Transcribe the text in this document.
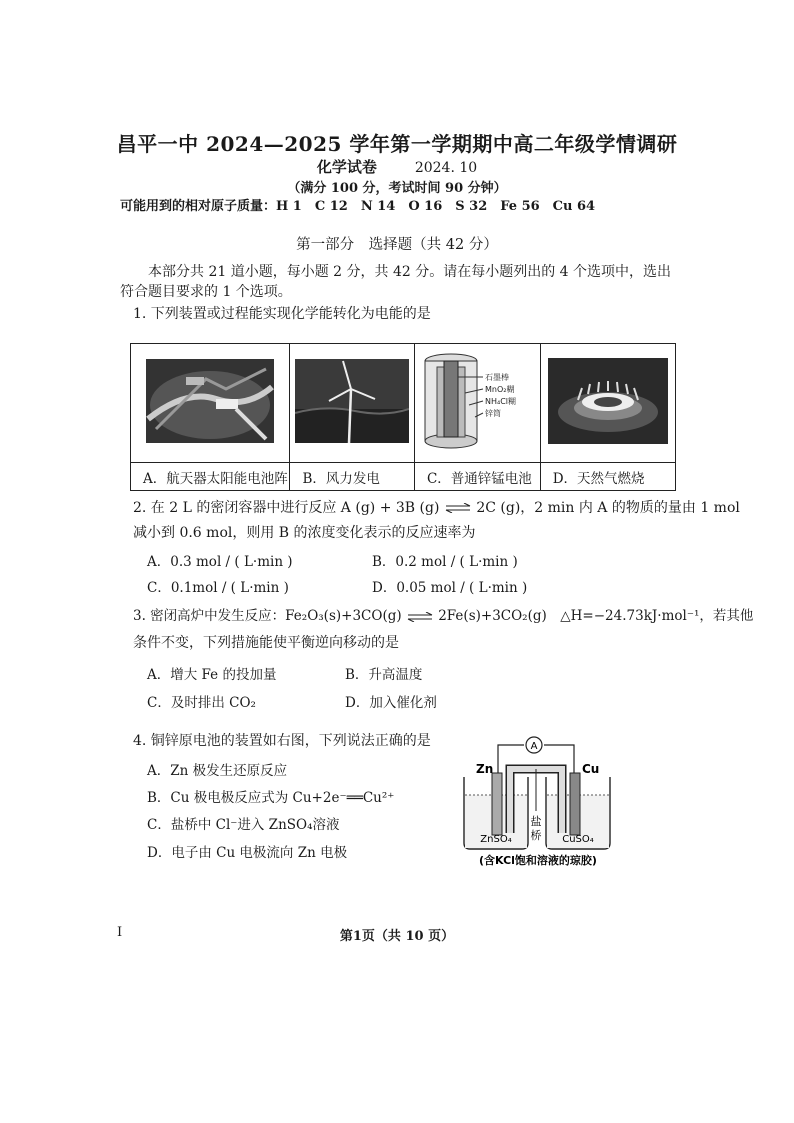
昌平一中 2024—2025 学年第一学期期中高二年级学情调研
化学试卷	2024. 10
（满分 100 分，考试时间 90 分钟）
可能用到的相对原子质量：H 1　C 12　N 14　O 16　S 32　Fe 56　Cu 64
第一部分　选择题（共 42 分）
本部分共 21 道小题，每小题 2 分，共 42 分。请在每小题列出的 4 个选项中，选出符合题目要求的 1 个选项。
1. 下列装置或过程能实现化学能转化为电能的是

石墨棒
MnO₂糊
NH₄Cl糊
锌筒

A．航天器太阳能电池阵	B．风力发电	C．普通锌锰电池	D．天然气燃烧
2. 在 2 L 的密闭容器中进行反应 A (g) + 3B (g) ⇌ 2C (g)，2 min 内 A 的物质的量由 1 mol
减小到 0.6 mol，则用 B 的浓度变化表示的反应速率为
A．0.3 mol / ( L·min )	B．0.2 mol / ( L·min )
C．0.1mol / ( L·min )	D．0.05 mol / ( L·min )
3. 密闭高炉中发生反应：Fe₂O₃(s)+3CO(g) ⇌ 2Fe(s)+3CO₂(g)　△H=−24.73kJ·mol⁻¹，若其他
条件不变，下列措施能使平衡逆向移动的是
A．增大 Fe 的投加量	B．升高温度
C．及时排出 CO₂	D．加入催化剂
4. 铜锌原电池的装置如右图，下列说法正确的是
A．Zn 极发生还原反应
B．Cu 极电极反应式为 Cu+2e⁻══Cu²⁺
C．盐桥中 Cl⁻进入 ZnSO₄溶液
D．电子由 Cu 电极流向 Zn 电极
A
Zn	Cu
盐
桥
ZnSO₄	CuSO₄
(含KCl饱和溶液的琼胶)
I	第1页（共 10 页）
